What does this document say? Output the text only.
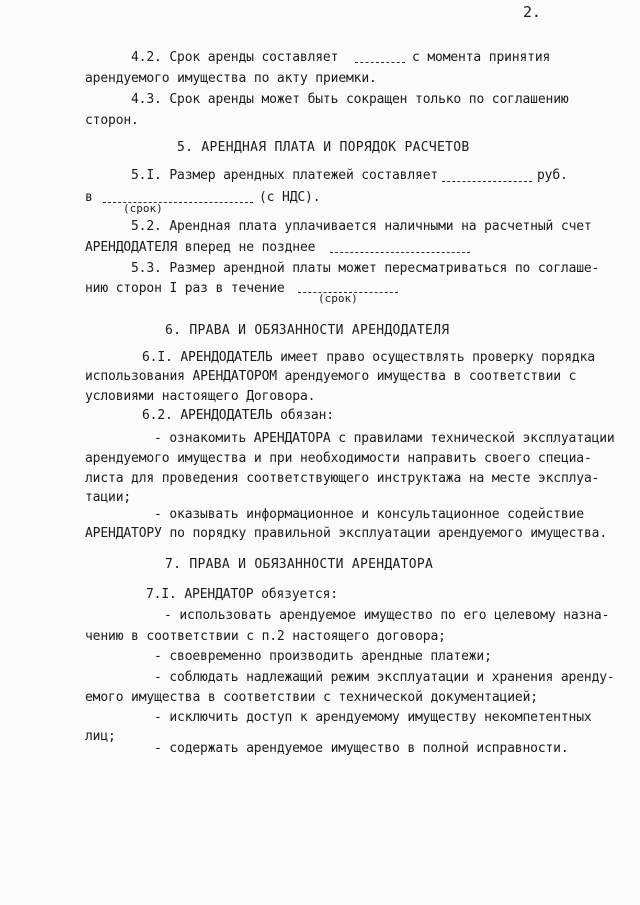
2.
4.2. Срок аренды составляет	с момента принятия
арендуемого имущества по акту приемки.
4.3. Срок аренды может быть сокращен только по соглашению
сторон.
5. АРЕНДНАЯ ПЛАТА И ПОРЯДОК РАСЧЕТОВ
5.I. Размер арендных платежей составляет	руб.
в	(с НДС).
(срок)
5.2. Арендная плата уплачивается наличными на расчетный счет
АРЕНДОДАТЕЛЯ вперед не позднее
5.3. Размер арендной платы может пересматриваться по соглаше-
нию сторон I раз в течение
(срок)
6. ПРАВА И ОБЯЗАННОСТИ АРЕНДОДАТЕЛЯ
6.I. АРЕНДОДАТЕЛЬ имеет право осуществлять проверку порядка
использования АРЕНДАТОРОМ арендуемого имущества в соответствии с
условиями настоящего Договора.
6.2. АРЕНДОДАТЕЛЬ обязан:
- ознакомить АРЕНДАТОРА с правилами технической эксплуатации
арендуемого имущества и при необходимости направить своего специа-
листа для проведения соответствующего инструктажа на месте эксплуа-
тации;
- оказывать информационное и консультационное содействие
АРЕНДАТОРУ по порядку правильной эксплуатации арендуемого имущества.
7. ПРАВА И ОБЯЗАННОСТИ АРЕНДАТОРА
7.I. АРЕНДАТОР обязуется:
- использовать арендуемое имущество по его целевому назна-
чению в соответствии с п.2 настоящего договора;
- своевременно производить арендные платежи;
- соблюдать надлежащий режим эксплуатации и хранения аренду-
емого имущества в соответствии с технической документацией;
- исключить доступ к арендуемому имуществу некомпетентных
лиц;
- содержать арендуемое имущество в полной исправности.
